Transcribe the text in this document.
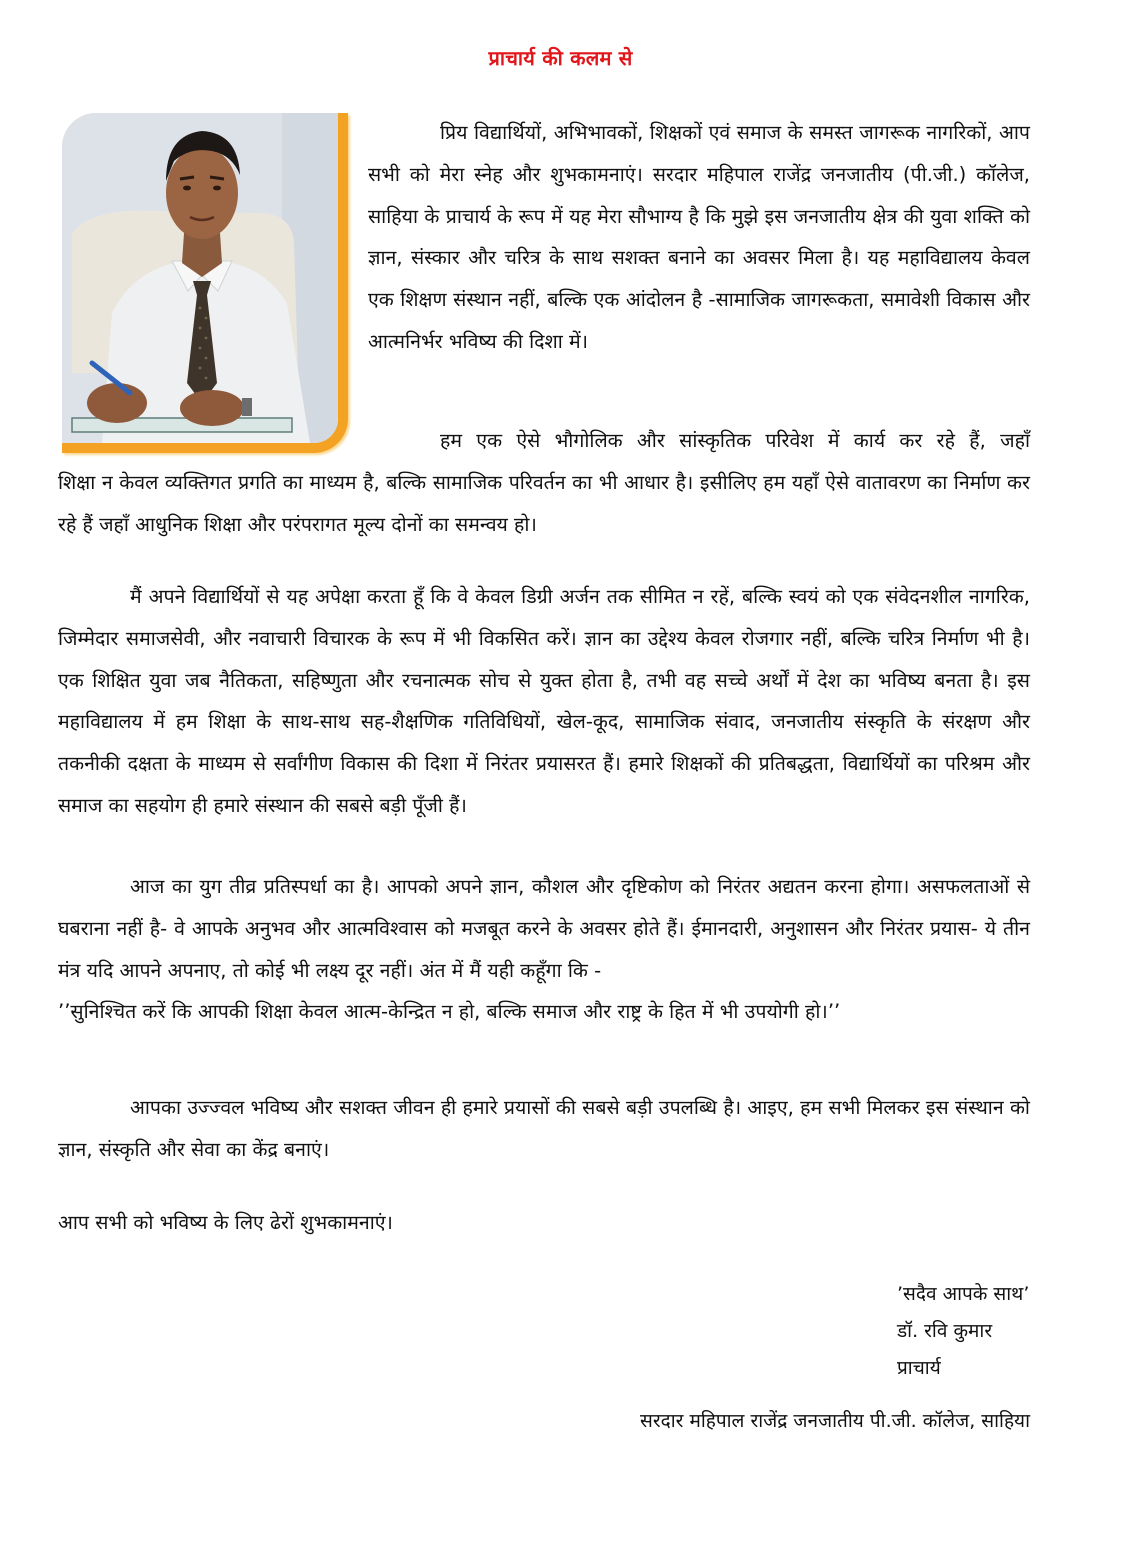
प्राचार्य की कलम से

प्रिय विद्यार्थियों, अभिभावकों, शिक्षकों एवं समाज के समस्त जागरूक नागरिकों, आप सभी को मेरा स्नेह और शुभकामनाएं। सरदार महिपाल राजेंद्र जनजातीय (पी.जी.) कॉलेज, साहिया के प्राचार्य के रूप में यह मेरा सौभाग्य है कि मुझे इस जनजातीय क्षेत्र की युवा शक्ति को ज्ञान, संस्कार और चरित्र के साथ सशक्त बनाने का अवसर मिला है। यह महाविद्यालय केवल एक शिक्षण संस्थान नहीं, बल्कि एक आंदोलन है -सामाजिक जागरूकता, समावेशी विकास और आत्मनिर्भर भविष्य की दिशा में।

हम एक ऐसे भौगोलिक और सांस्कृतिक परिवेश में कार्य कर रहे हैं, जहाँ
शिक्षा न केवल व्यक्तिगत प्रगति का माध्यम है, बल्कि सामाजिक परिवर्तन का भी आधार है। इसीलिए हम यहाँ ऐसे वातावरण का निर्माण कर रहे हैं जहाँ आधुनिक शिक्षा और परंपरागत मूल्य दोनों का समन्वय हो।

मैं अपने विद्यार्थियों से यह अपेक्षा करता हूँ कि वे केवल डिग्री अर्जन तक सीमित न रहें, बल्कि स्वयं को एक संवेदनशील नागरिक, जिम्मेदार समाजसेवी, और नवाचारी विचारक के रूप में भी विकसित करें। ज्ञान का उद्देश्य केवल रोजगार नहीं, बल्कि चरित्र निर्माण भी है। एक शिक्षित युवा जब नैतिकता, सहिष्णुता और रचनात्मक सोच से युक्त होता है, तभी वह सच्चे अर्थों में देश का भविष्य बनता है। इस महाविद्यालय में हम शिक्षा के साथ-साथ सह-शैक्षणिक गतिविधियों, खेल-कूद, सामाजिक संवाद, जनजातीय संस्कृति के संरक्षण और तकनीकी दक्षता के माध्यम से सर्वांगीण विकास की दिशा में निरंतर प्रयासरत हैं। हमारे शिक्षकों की प्रतिबद्धता, विद्यार्थियों का परिश्रम और समाज का सहयोग ही हमारे संस्थान की सबसे बड़ी पूँजी हैं।

आज का युग तीव्र प्रतिस्पर्धा का है। आपको अपने ज्ञान, कौशल और दृष्टिकोण को निरंतर अद्यतन करना होगा। असफलताओं से घबराना नहीं है- वे आपके अनुभव और आत्मविश्वास को मजबूत करने के अवसर होते हैं। ईमानदारी, अनुशासन और निरंतर प्रयास- ये तीन मंत्र यदि आपने अपनाए, तो कोई भी लक्ष्य दूर नहीं। अंत में मैं यही कहूँगा कि -
’’सुनिश्चित करें कि आपकी शिक्षा केवल आत्म-केन्द्रित न हो, बल्कि समाज और राष्ट्र के हित में भी उपयोगी हो।’’

आपका उज्ज्वल भविष्य और सशक्त जीवन ही हमारे प्रयासों की सबसे बड़ी उपलब्धि है। आइए, हम सभी मिलकर इस संस्थान को ज्ञान, संस्कृति और सेवा का केंद्र बनाएं।

आप सभी को भविष्य के लिए ढेरों शुभकामनाएं।

’सदैव आपके साथ’
डॉ. रवि कुमार
प्राचार्य
सरदार महिपाल राजेंद्र जनजातीय पी.जी. कॉलेज, साहिया
